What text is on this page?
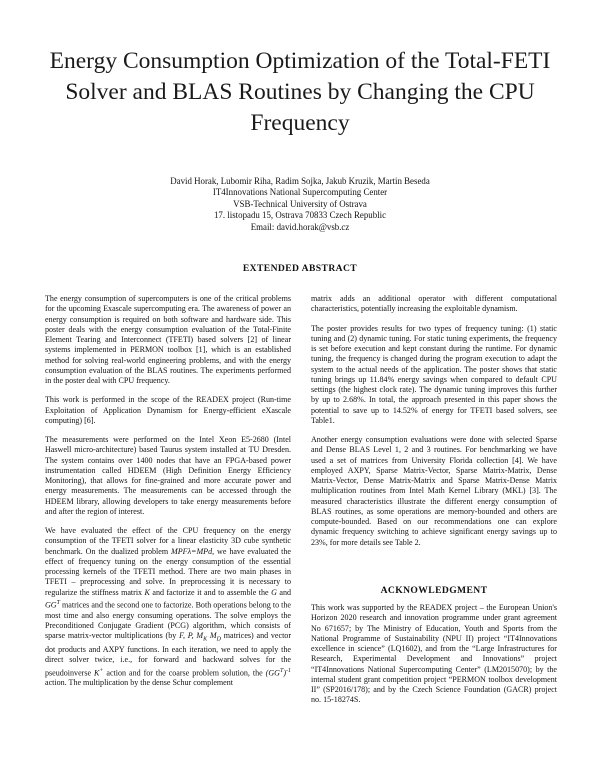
Energy Consumption Optimization of the Total-FETI Solver and BLAS Routines by Changing the CPU Frequency
David Horak, Lubomir Riha, Radim Sojka, Jakub Kruzik, Martin Beseda
IT4Innovations National Supercomputing Center
VSB-Technical University of Ostrava
17. listopadu 15, Ostrava 70833 Czech Republic
Email: david.horak@vsb.cz
EXTENDED ABSTRACT

The energy consumption of supercomputers is one of the critical problems for the upcoming Exascale supercomputing era. The awareness of power an energy consumption is required on both software and hardware side. This poster deals with the energy consumption evaluation of the Total-Finite Element Tearing and Interconnect (TFETI) based solvers [2] of linear systems implemented in PERMON toolbox [1], which is an established method for solving real-world engineering problems, and with the energy consumption evaluation of the BLAS routines. The experiments performed in the poster deal with CPU frequency.

This work is performed in the scope of the READEX project (Run-time Exploitation of Application Dynamism for Energy-efficient eXascale computing) [6].

The measurements were performed on the Intel Xeon E5-2680 (Intel Haswell micro-architecture) based Taurus system installed at TU Dresden. The system contains over 1400 nodes that have an FPGA-based power instrumentation called HDEEM (High Definition Energy Efficiency Monitoring), that allows for fine-grained and more accurate power and energy measurements. The measurements can be accessed through the HDEEM library, allowing developers to take energy measurements before and after the region of interest.

We have evaluated the effect of the CPU frequency on the energy consumption of the TFETI solver for a linear elasticity 3D cube synthetic benchmark. On the dualized problem MPFλ=MPd, we have evaluated the effect of frequency tuning on the energy consumption of the essential processing kernels of the TFETI method. There are two main phases in TFETI – preprocessing and solve. In preprocessing it is necessary to regularize the stiffness matrix K and factorize it and to assemble the G and $GG^T$ matrices and the second one to factorize. Both operations belong to the most time and also energy consuming operations. The solve employs the Preconditioned Conjugate Gradient (PCG) algorithm, which consists of sparse matrix-vector multiplications (by F, P, $M_K$ $M_D$ matrices) and vector dot products and AXPY functions. In each iteration, we need to apply the direct solver twice, i.e., for forward and backward solves for the pseudoinverse K+ action and for the coarse problem solution, the $(GG^T)^{-1}$ action. The multiplication by the dense Schur complement

matrix adds an additional operator with different computational characteristics, potentially increasing the exploitable dynamism.

The poster provides results for two types of frequency tuning: (1) static tuning and (2) dynamic tuning. For static tuning experiments, the frequency is set before execution and kept constant during the runtime. For dynamic tuning, the frequency is changed during the program execution to adapt the system to the actual needs of the application. The poster shows that static tuning brings up 11.84% energy savings when compared to default CPU settings (the highest clock rate). The dynamic tuning improves this further by up to 2.68%. In total, the approach presented in this paper shows the potential to save up to 14.52% of energy for TFETI based solvers, see Table1.

Another energy consumption evaluations were done with selected Sparse and Dense BLAS Level 1, 2 and 3 routines. For benchmarking we have used a set of matrices from University Florida collection [4]. We have employed AXPY, Sparse Matrix-Vector, Sparse Matrix-Matrix, Dense Matrix-Vector, Dense Matrix-Matrix and Sparse Matrix-Dense Matrix multiplication routines from Intel Math Kernel Library (MKL) [3]. The measured characteristics illustrate the different energy consumption of BLAS routines, as some operations are memory-bounded and others are compute-bounded. Based on our recommendations one can explore dynamic frequency switching to achieve significant energy savings up to 23%, for more details see Table 2.

ACKNOWLEDGMENT
This work was supported by the READEX project – the European Union's Horizon 2020 research and innovation programme under grant agreement No 671657; by The Ministry of Education, Youth and Sports from the National Programme of Sustainability (NPU II) project “IT4Innovations excellence in science” (LQ1602), and from the “Large Infrastructures for Research, Experimental Development and Innovations” project “IT4Innovations National Supercomputing Center” (LM2015070); by the internal student grant competition project “PERMON toolbox development II” (SP2016/178); and by the Czech Science Foundation (GACR) project no. 15-18274S.
